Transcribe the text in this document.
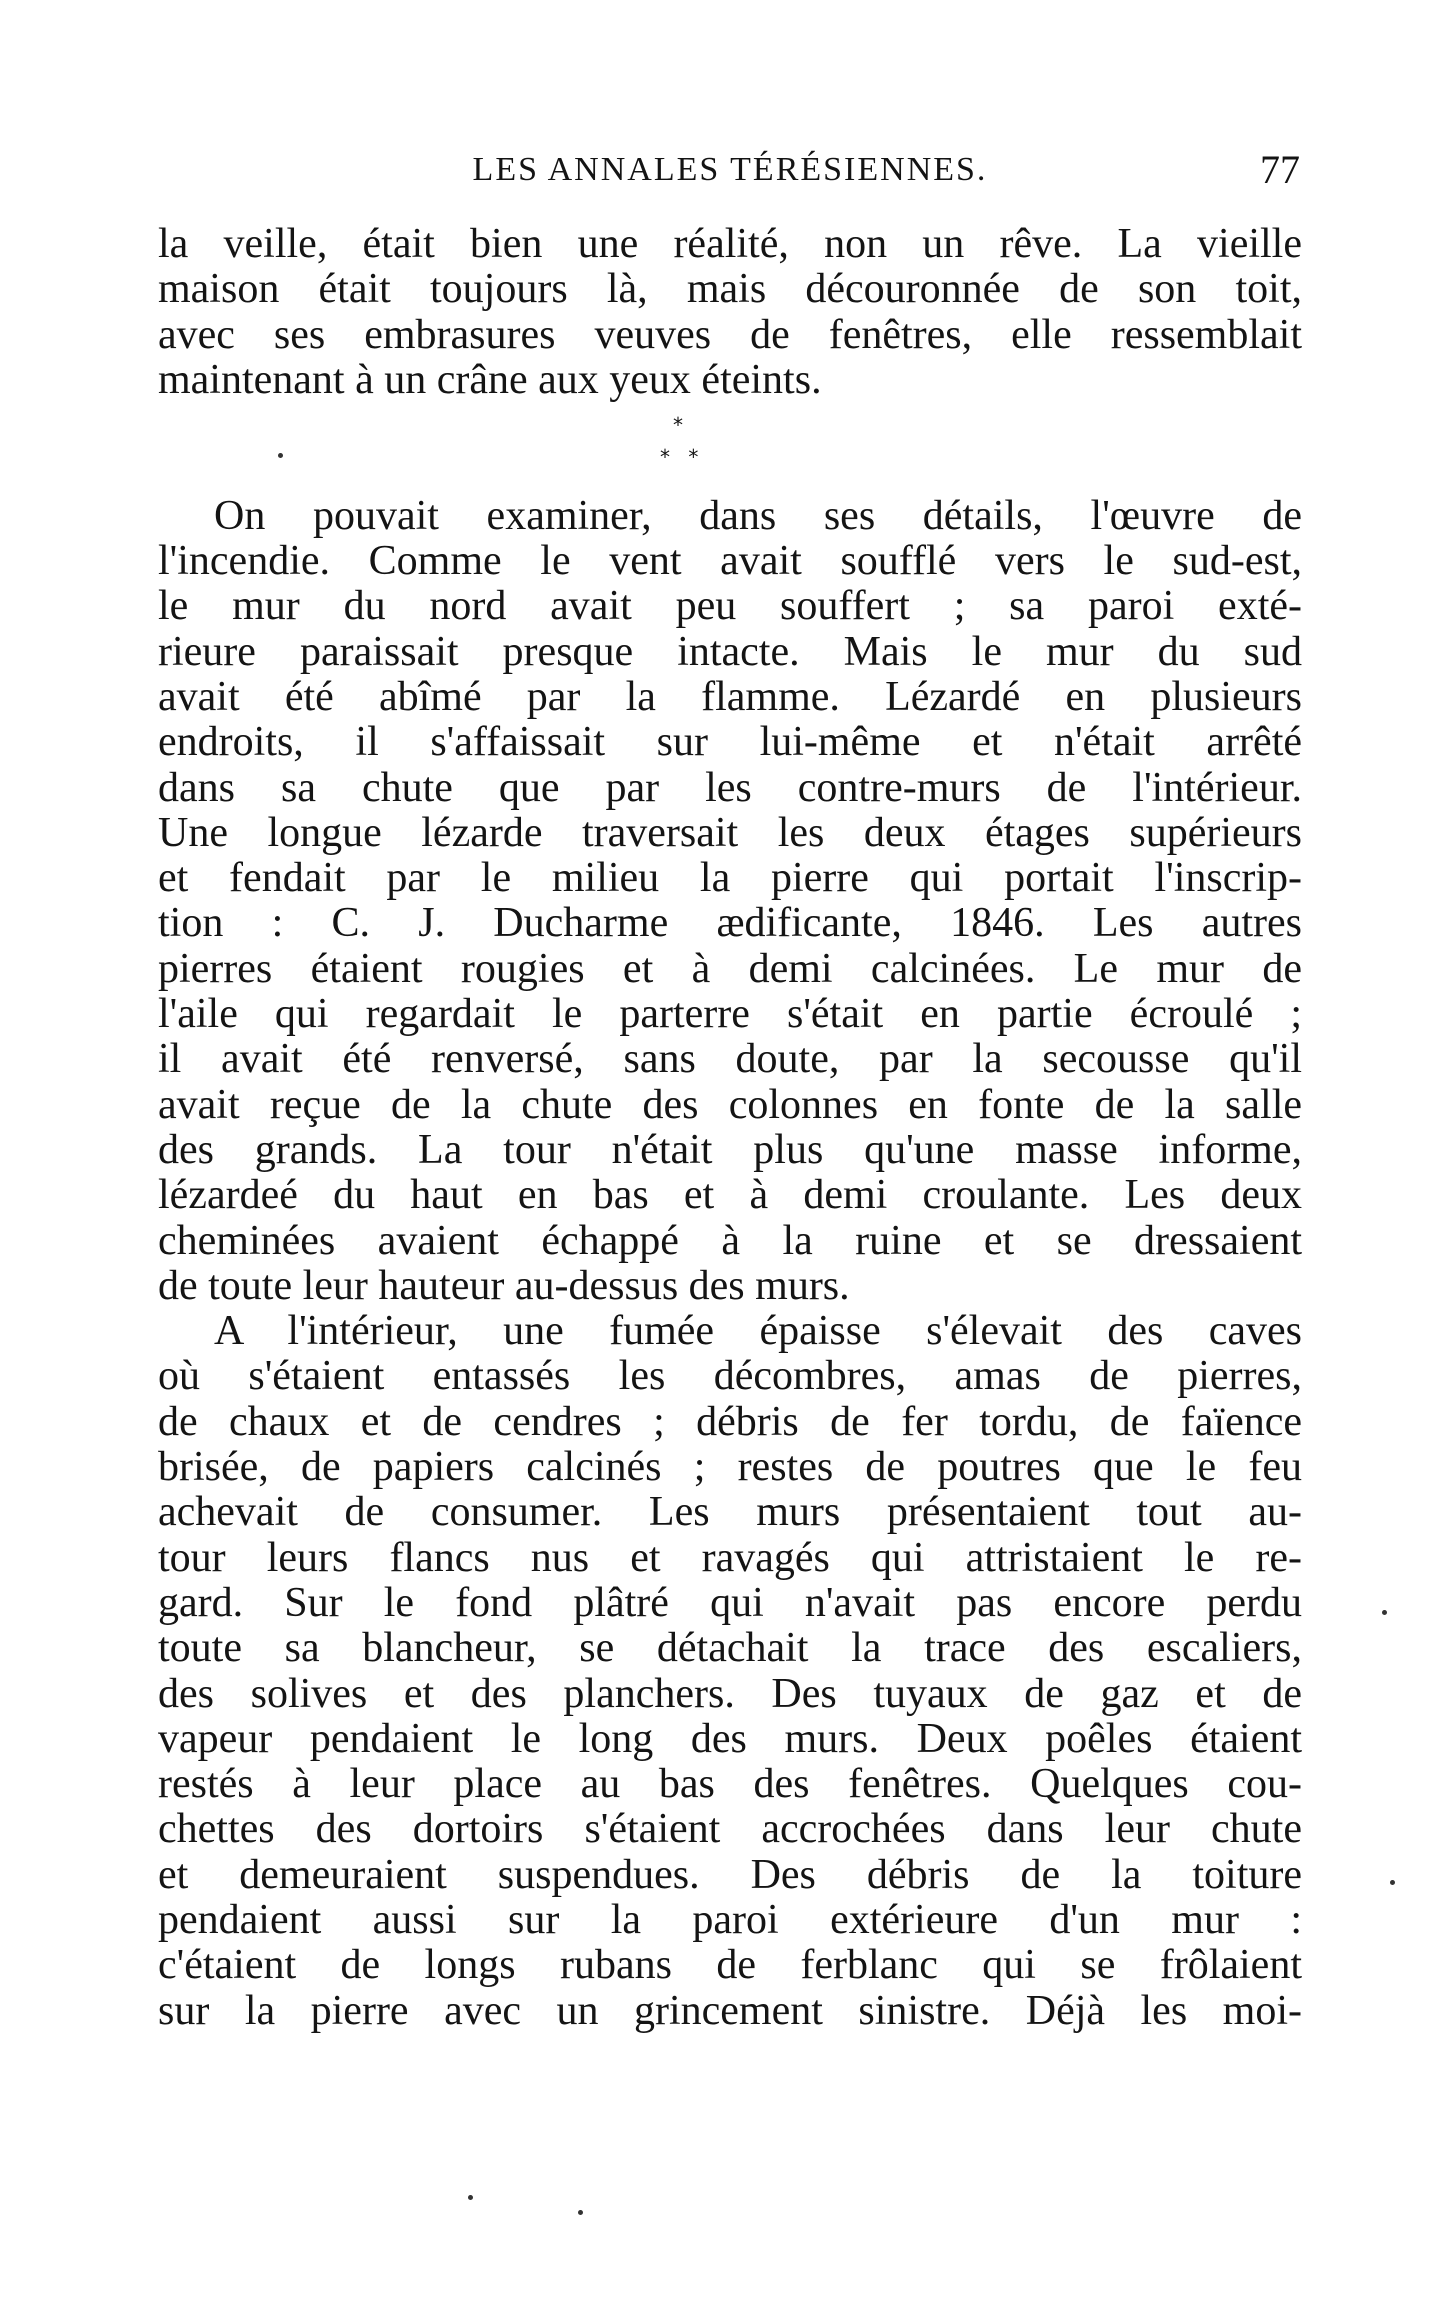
LES ANNALES TÉRÉSIENNES.	77
la veille, était bien une réalité, non un rêve. La vieille
maison était toujours là, mais découronnée de son toit,
avec ses embrasures veuves de fenêtres, elle ressemblait
maintenant à un crâne aux yeux éteints.
*
* *
On pouvait examiner, dans ses détails, l'œuvre de
l'incendie. Comme le vent avait soufflé vers le sud-est,
le mur du nord avait peu souffert ; sa paroi exté-
rieure paraissait presque intacte. Mais le mur du sud
avait été abîmé par la flamme. Lézardé en plusieurs
endroits, il s'affaissait sur lui-même et n'était arrêté
dans sa chute que par les contre-murs de l'intérieur.
Une longue lézarde traversait les deux étages supérieurs
et fendait par le milieu la pierre qui portait l'inscrip-
tion : C. J. Ducharme ædificante, 1846. Les autres
pierres étaient rougies et à demi calcinées. Le mur de
l'aile qui regardait le parterre s'était en partie écroulé ;
il avait été renversé, sans doute, par la secousse qu'il
avait reçue de la chute des colonnes en fonte de la salle
des grands. La tour n'était plus qu'une masse informe,
lézardeé du haut en bas et à demi croulante. Les deux
cheminées avaient échappé à la ruine et se dressaient
de toute leur hauteur au-dessus des murs.
A l'intérieur, une fumée épaisse s'élevait des caves
où s'étaient entassés les décombres, amas de pierres,
de chaux et de cendres ; débris de fer tordu, de faïence
brisée, de papiers calcinés ; restes de poutres que le feu
achevait de consumer. Les murs présentaient tout au-
tour leurs flancs nus et ravagés qui attristaient le re-
gard. Sur le fond plâtré qui n'avait pas encore perdu
toute sa blancheur, se détachait la trace des escaliers,
des solives et des planchers. Des tuyaux de gaz et de
vapeur pendaient le long des murs. Deux poêles étaient
restés à leur place au bas des fenêtres. Quelques cou-
chettes des dortoirs s'étaient accrochées dans leur chute
et demeuraient suspendues. Des débris de la toiture
pendaient aussi sur la paroi extérieure d'un mur :
c'étaient de longs rubans de ferblanc qui se frôlaient
sur la pierre avec un grincement sinistre. Déjà les moi-
